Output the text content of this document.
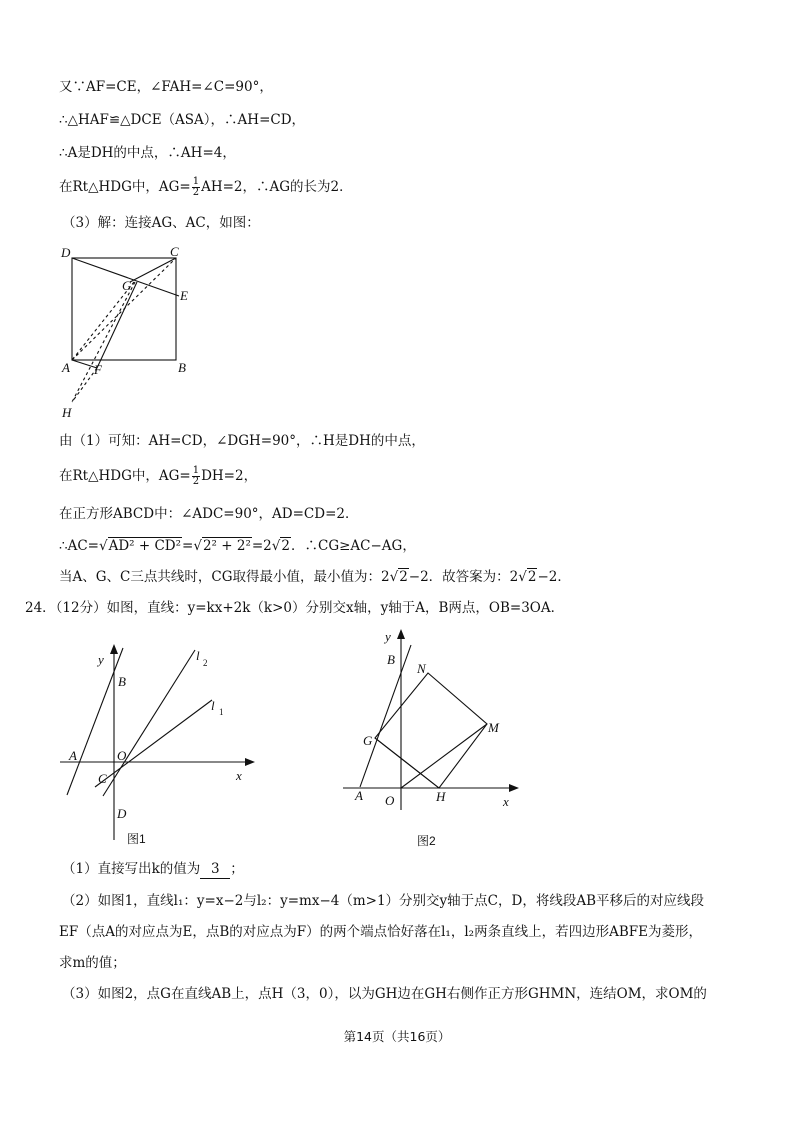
又∵AF=CE，∠FAH=∠C=90°，
∴△HAF≌△DCE（ASA），∴AH=CD，
∴A是DH的中点，∴AH=4，
在Rt△HDG中，$AG= \frac{1}{2} AH=2$，∴AG的长为2．
（3）解：连接AG、AC，如图：
D	C
G
E
A F	B
H
由（1）可知：AH=CD，∠DGH=90°，∴H是DH的中点，
在Rt△HDG中，$AG= \frac{1}{2} DH=2$，
在正方形ABCD中：∠ADC=90°，AD=CD=2．
∴AC=√AD² + CD²=√2² + 2²=2√2．∴CG≥AC−AG，
当A、G、C三点共线时，CG取得最小值，最小值为：2√2−2．故答案为：2√2−2．
24．（12分）如图，直线：y=kx+2k（k>0）分别交x轴，y轴于A，B两点，OB=3OA．
y
B
A	O
C
D
x
l 2
l 1
图1
y
B
N
M
G
A O	H	x
图2
（1）直接写出k的值为 3 ；
（2）如图1，直线l₁：y=x−2与l₂：y=mx−4（m>1）分别交y轴于点C，D，将线段AB平移后的对应线段
EF（点A的对应点为E，点B的对应点为F）的两个端点恰好落在l₁，l₂两条直线上，若四边形ABFE为菱形，
求m的值；
（3）如图2，点G在直线AB上，点H（3，0），以为GH边在GH右侧作正方形GHMN，连结OM，求OM的
第14页（共16页）
